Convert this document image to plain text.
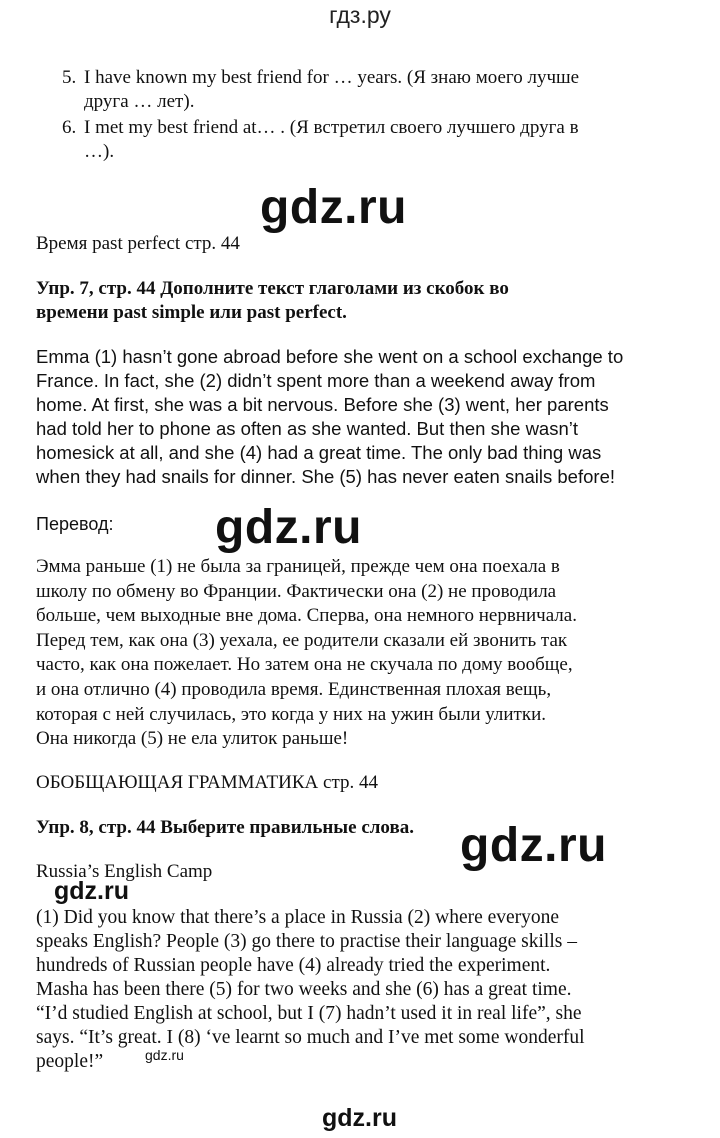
гдз.ру
5. I have known my best friend for … years. (Я знаю моего лучше
друга … лет).
6. I met my best friend at… . (Я встретил своего лучшего друга в
…).
gdz.ru
Время past perfect стр. 44
Упр. 7, стр. 44 Дополните текст глаголами из скобок во
времени past simple или past perfect.
Emma (1) hasn’t gone abroad before she went on a school exchange to
France. In fact, she (2) didn’t spent more than a weekend away from
home. At first, she was a bit nervous. Before she (3) went, her parents
had told her to phone as often as she wanted. But then she wasn’t
homesick at all, and she (4) had a great time. The only bad thing was
when they had snails for dinner. She (5) has never eaten snails before!
Перевод: gdz.ru
Эмма раньше (1) не была за границей, прежде чем она поехала в
школу по обмену во Франции. Фактически она (2) не проводила
больше, чем выходные вне дома. Сперва, она немного нервничала.
Перед тем, как она (3) уехала, ее родители сказали ей звонить так
часто, как она пожелает. Но затем она не скучала по дому вообще,
и она отлично (4) проводила время. Единственная плохая вещь,
которая с ней случилась, это когда у них на ужин были улитки.
Она никогда (5) не ела улиток раньше!
ОБОБЩАЮЩАЯ ГРАММАТИКА стр. 44
Упр. 8, стр. 44 Выберите правильные слова. gdz.ru
Russia’s English Camp
gdz.ru
(1) Did you know that there’s a place in Russia (2) where everyone
speaks English? People (3) go there to practise their language skills –
hundreds of Russian people have (4) already tried the experiment.
Masha has been there (5) for two weeks and she (6) has a great time.
“I’d studied English at school, but I (7) hadn’t used it in real life”, she
says. “It’s great. I (8) ‘ve learnt so much and I’ve met some wonderful
people!”	gdz.ru
gdz.ru
